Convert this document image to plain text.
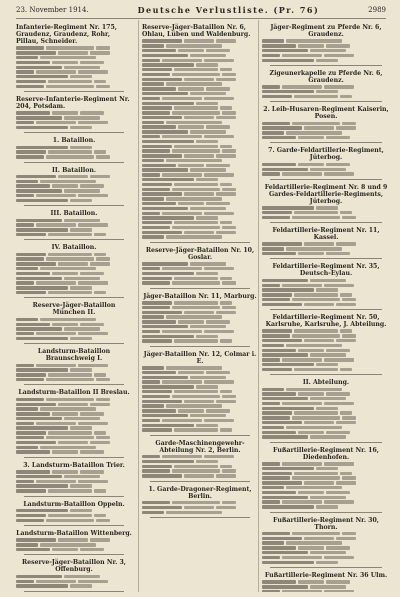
23. November 1914.	Deutsche Verlustliste. (Pr. 76)	2989
Infanterie-Regiment Nr. 175, Graudenz, Graudenz, Rohr, Pillau, Schneider.
Reserve-Infanterie-Regiment Nr. 204, Potsdam.
1. Bataillon.
II. Bataillon.
III. Bataillon.
IV. Bataillon.
Reserve-Jäger-Bataillon München II.
Landsturm-Bataillon Braunschweig I.
Landsturm-Bataillon II Breslau.
3. Landsturm-Bataillon Trier.
Landsturm-Bataillon Oppeln.
Landsturm-Bataillon Wittenberg.
Reserve-Jäger-Bataillon Nr. 3, Offenburg.
Reserve-Jäger-Bataillon Nr. 6, Ohlau, Lüben und Waldenburg.
Reserve-Jäger-Bataillon Nr. 10, Goslar.
Jäger-Bataillon Nr. 11, Marburg.
Jäger-Bataillon Nr. 12, Colmar i. E.
Garde-Maschinengewehr-Abteilung Nr. 2, Berlin.
1. Garde-Dragoner-Regiment, Berlin.
Jäger-Regiment zu Pferde Nr. 6, Graudenz.
Zigeunerkapelle zu Pferde Nr. 6, Graudenz.
2. Leib-Husaren-Regiment Kaiserin, Posen.
7. Garde-Feldartillerie-Regiment, Jüterbog.
Feldartillerie-Regiment Nr. 8 und 9 Gardes-Feldartillerie-Regiments, Jüterbog.
Feldartillerie-Regiment Nr. 11, Kassel.
Feldartillerie-Regiment Nr. 35, Deutsch-Eylau.
Feldartillerie-Regiment Nr. 50, Karlsruhe, Karlsruhe, J. Abteilung.
II. Abteilung.
Fußartillerie-Regiment Nr. 16, Diedenhofen.
Fußartillerie-Regiment Nr. 30, Thorn.
Fußartillerie-Regiment Nr. 36 Ulm.
